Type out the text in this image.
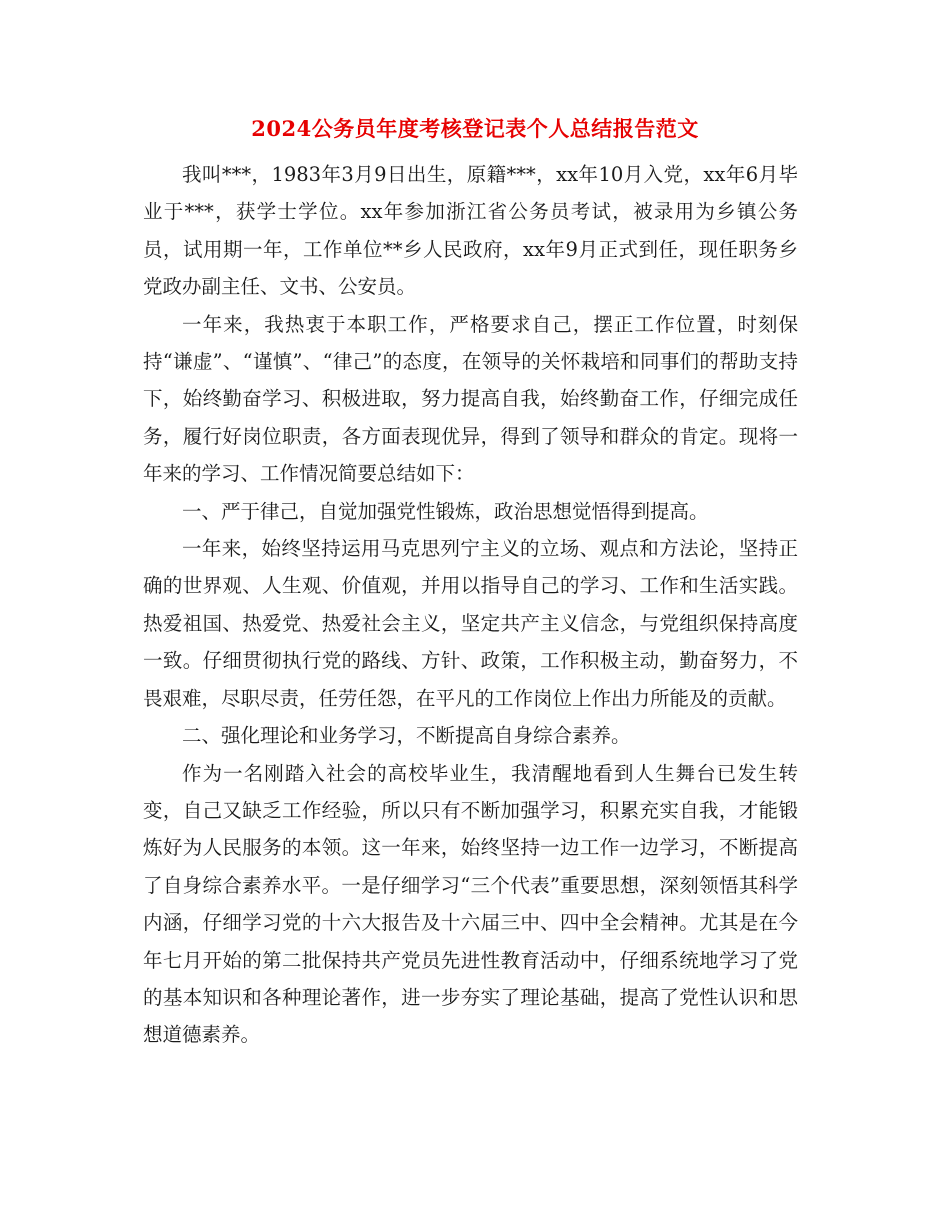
2024公务员年度考核登记表个人总结报告范文

我叫***，1983年3月9日出生，原籍***，xx年10月入党，xx年6月毕业于***，获学士学位。xx年参加浙江省公务员考试，被录用为乡镇公务员，试用期一年，工作单位**乡人民政府，xx年9月正式到任，现任职务乡党政办副主任、文书、公安员。

一年来，我热衷于本职工作，严格要求自己，摆正工作位置，时刻保持“谦虚”、“谨慎”、“律己”的态度，在领导的关怀栽培和同事们的帮助支持下，始终勤奋学习、积极进取，努力提高自我，始终勤奋工作，仔细完成任务，履行好岗位职责，各方面表现优异，得到了领导和群众的肯定。现将一年来的学习、工作情况简要总结如下：

一、严于律己，自觉加强党性锻炼，政治思想觉悟得到提高。

一年来，始终坚持运用马克思列宁主义的立场、观点和方法论，坚持正确的世界观、人生观、价值观，并用以指导自己的学习、工作和生活实践。热爱祖国、热爱党、热爱社会主义，坚定共产主义信念，与党组织保持高度一致。仔细贯彻执行党的路线、方针、政策，工作积极主动，勤奋努力，不畏艰难，尽职尽责，任劳任怨，在平凡的工作岗位上作出力所能及的贡献。

二、强化理论和业务学习，不断提高自身综合素养。

作为一名刚踏入社会的高校毕业生，我清醒地看到人生舞台已发生转变，自己又缺乏工作经验，所以只有不断加强学习，积累充实自我，才能锻炼好为人民服务的本领。这一年来，始终坚持一边工作一边学习，不断提高了自身综合素养水平。一是仔细学习“三个代表”重要思想，深刻领悟其科学内涵，仔细学习党的十六大报告及十六届三中、四中全会精神。尤其是在今年七月开始的第二批保持共产党员先进性教育活动中，仔细系统地学习了党的基本知识和各种理论著作，进一步夯实了理论基础，提高了党性认识和思想道德素养。
